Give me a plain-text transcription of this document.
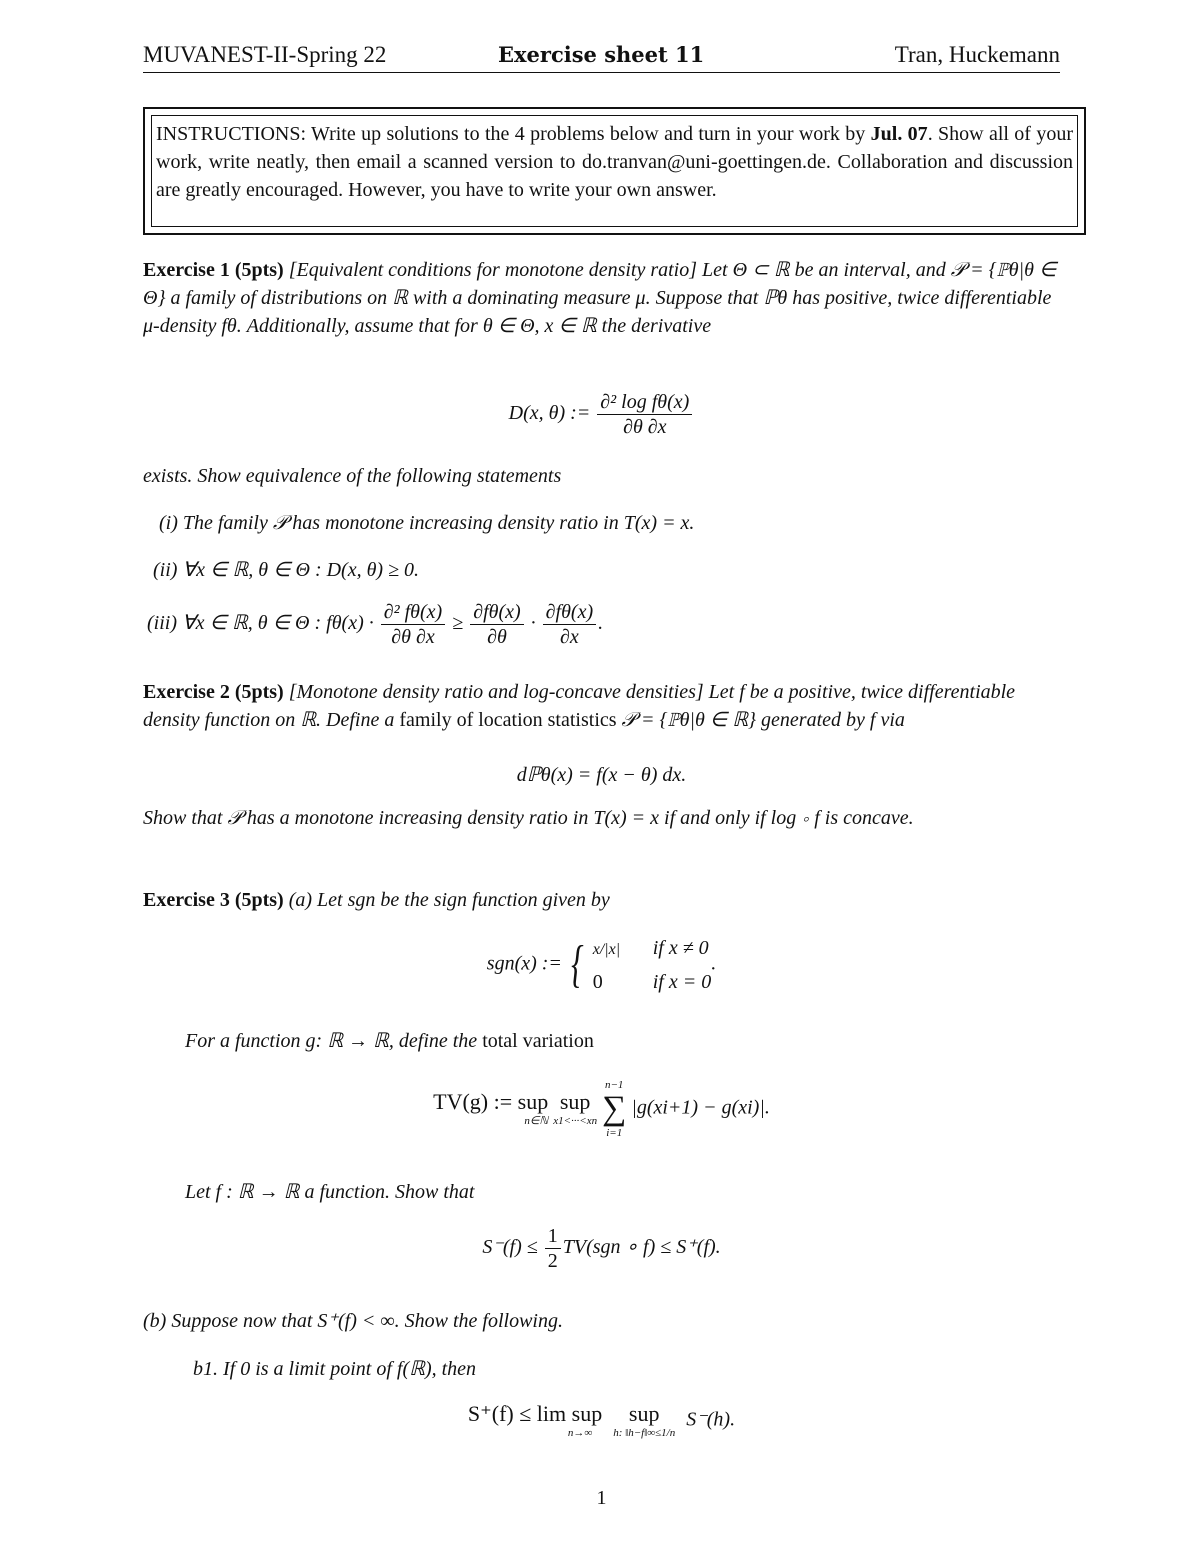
MUVANEST-II-Spring 22	Exercise sheet 11	Tran, Huckemann
INSTRUCTIONS: Write up solutions to the 4 problems below and turn in your work by Jul. 07. Show all of your work, write neatly, then email a scanned version to do.tranvan@uni-goettingen.de. Collaboration and discussion are greatly encouraged. However, you have to write your own answer.
Exercise 1 (5pts) [Equivalent conditions for monotone density ratio] Let Θ ⊂ ℝ be an interval, and 𝒫 = {ℙθ|θ ∈ Θ} a family of distributions on ℝ with a dominating measure μ. Suppose that ℙθ has positive, twice differentiable μ-density fθ. Additionally, assume that for θ ∈ Θ, x ∈ ℝ the derivative
D(x, θ) := $\frac{\text{∂² log fθ(x)}}{\partial\theta \partial x}$
exists. Show equivalence of the following statements
(i) The family 𝒫 has monotone increasing density ratio in T(x) = x.
(ii) ∀x ∈ ℝ, θ ∈ Θ : D(x, θ) ≥ 0.
(iii) ∀x ∈ ℝ, θ ∈ Θ : $f\theta(x) \cdot \frac{\text{∂² fθ(x)}}{\partial\theta \partial x} \ge \frac{\partial f\theta(x)}{\partial\theta} \cdot \frac{\partial f\theta(x)}{\partial x}$ .
Exercise 2 (5pts) [Monotone density ratio and log-concave densities] Let f be a positive, twice differentiable density function on ℝ. Define a family of location statistics 𝒫 = {ℙθ|θ ∈ ℝ} generated by f via
dℙθ(x) = f(x − θ) dx.
Show that 𝒫 has a monotone increasing density ratio in T(x) = x if and only if log ∘ f is concave.
Exercise 3 (5pts) (a) Let sgn be the sign function given by
sgn(x) := { x/|x| if x ≠ 0
0	if x = 0
.
For a function g: ℝ → ℝ, define the total variation
TV(g) := sup
n∈ℕ

sup
x1<···<xn

n−1
∑
i=1
|g(xi+1) − g(xi)|.
Let f : ℝ → ℝ a function. Show that
$S^-(f) \le \frac{1}{2} TV(sgn$ ∘ f) ≤ S⁺(f).
(b) Suppose now that S⁺(f) < ∞. Show the following.
b1. If 0 is a limit point of f(ℝ), then
S⁺(f) ≤ lim sup
n→∞

sup
h: ‖h−f‖∞≤1/n
S⁻(h).
1
